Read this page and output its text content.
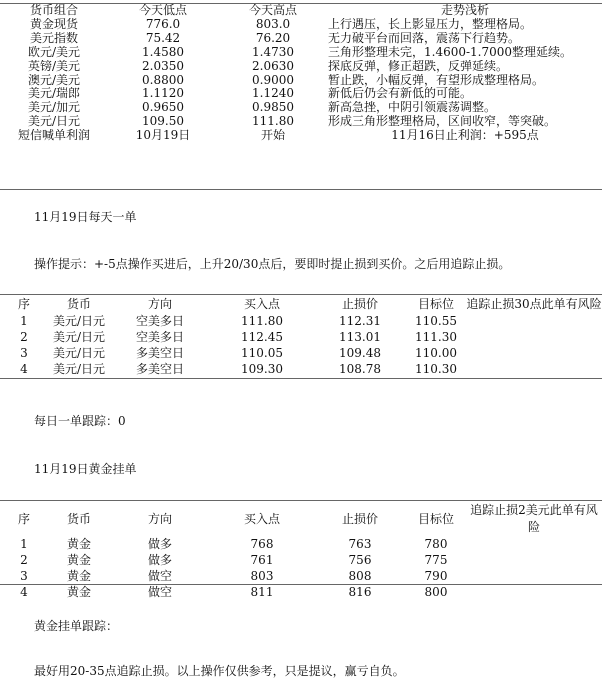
货币组合	今天低点	今天高点	走势浅析
黄金现货	776.0	803.0	上行遇压，长上影显压力，整理格局。
美元指数	75.42	76.20	无力破平台而回落，震荡下行趋势。
欧元/美元	1.4580	1.4730	三角形整理未完，1.4600-1.7000整理延续。
英镑/美元	2.0350	2.0630	探底反弹，修正超跌，反弹延续。
澳元/美元	0.8800	0.9000	暂止跌，小幅反弹，有望形成整理格局。
美元/瑞郎	1.1120	1.1240	新低后仍会有新低的可能。
美元/加元	0.9650	0.9850	新高急挫，中阴引领震荡调整。
美元/日元	109.50	111.80	形成三角形整理格局，区间收窄，等突破。
短信喊单利润	10月19日	开始	11月16日止利润：+595点
11月19日每天一单
操作提示：+-5点操作买进后，上升20/30点后，要即时提止损到买价。之后用追踪止损。
序	货币	方向	买入点	止损价	目标位	追踪止损30点此单有风险
1	美元/日元	空美多日	111.80	112.31	110.55	
2	美元/日元	空美多日	112.45	113.01	111.30	
3	美元/日元	多美空日	110.05	109.48	110.00	
4	美元/日元	多美空日	109.30	108.78	110.30	
每日一单跟踪：0
11月19日黄金挂单
序	货币	方向	买入点	止损价	目标位	追踪止损2美元此单有风险
1	黄金	做多	768	763	780	
2	黄金	做多	761	756	775	
3	黄金	做空	803	808	790	
4	黄金	做空	811	816	800	
黄金挂单跟踪：
最好用20-35点追踪止损。以上操作仅供参考，只是提议，赢亏自负。
